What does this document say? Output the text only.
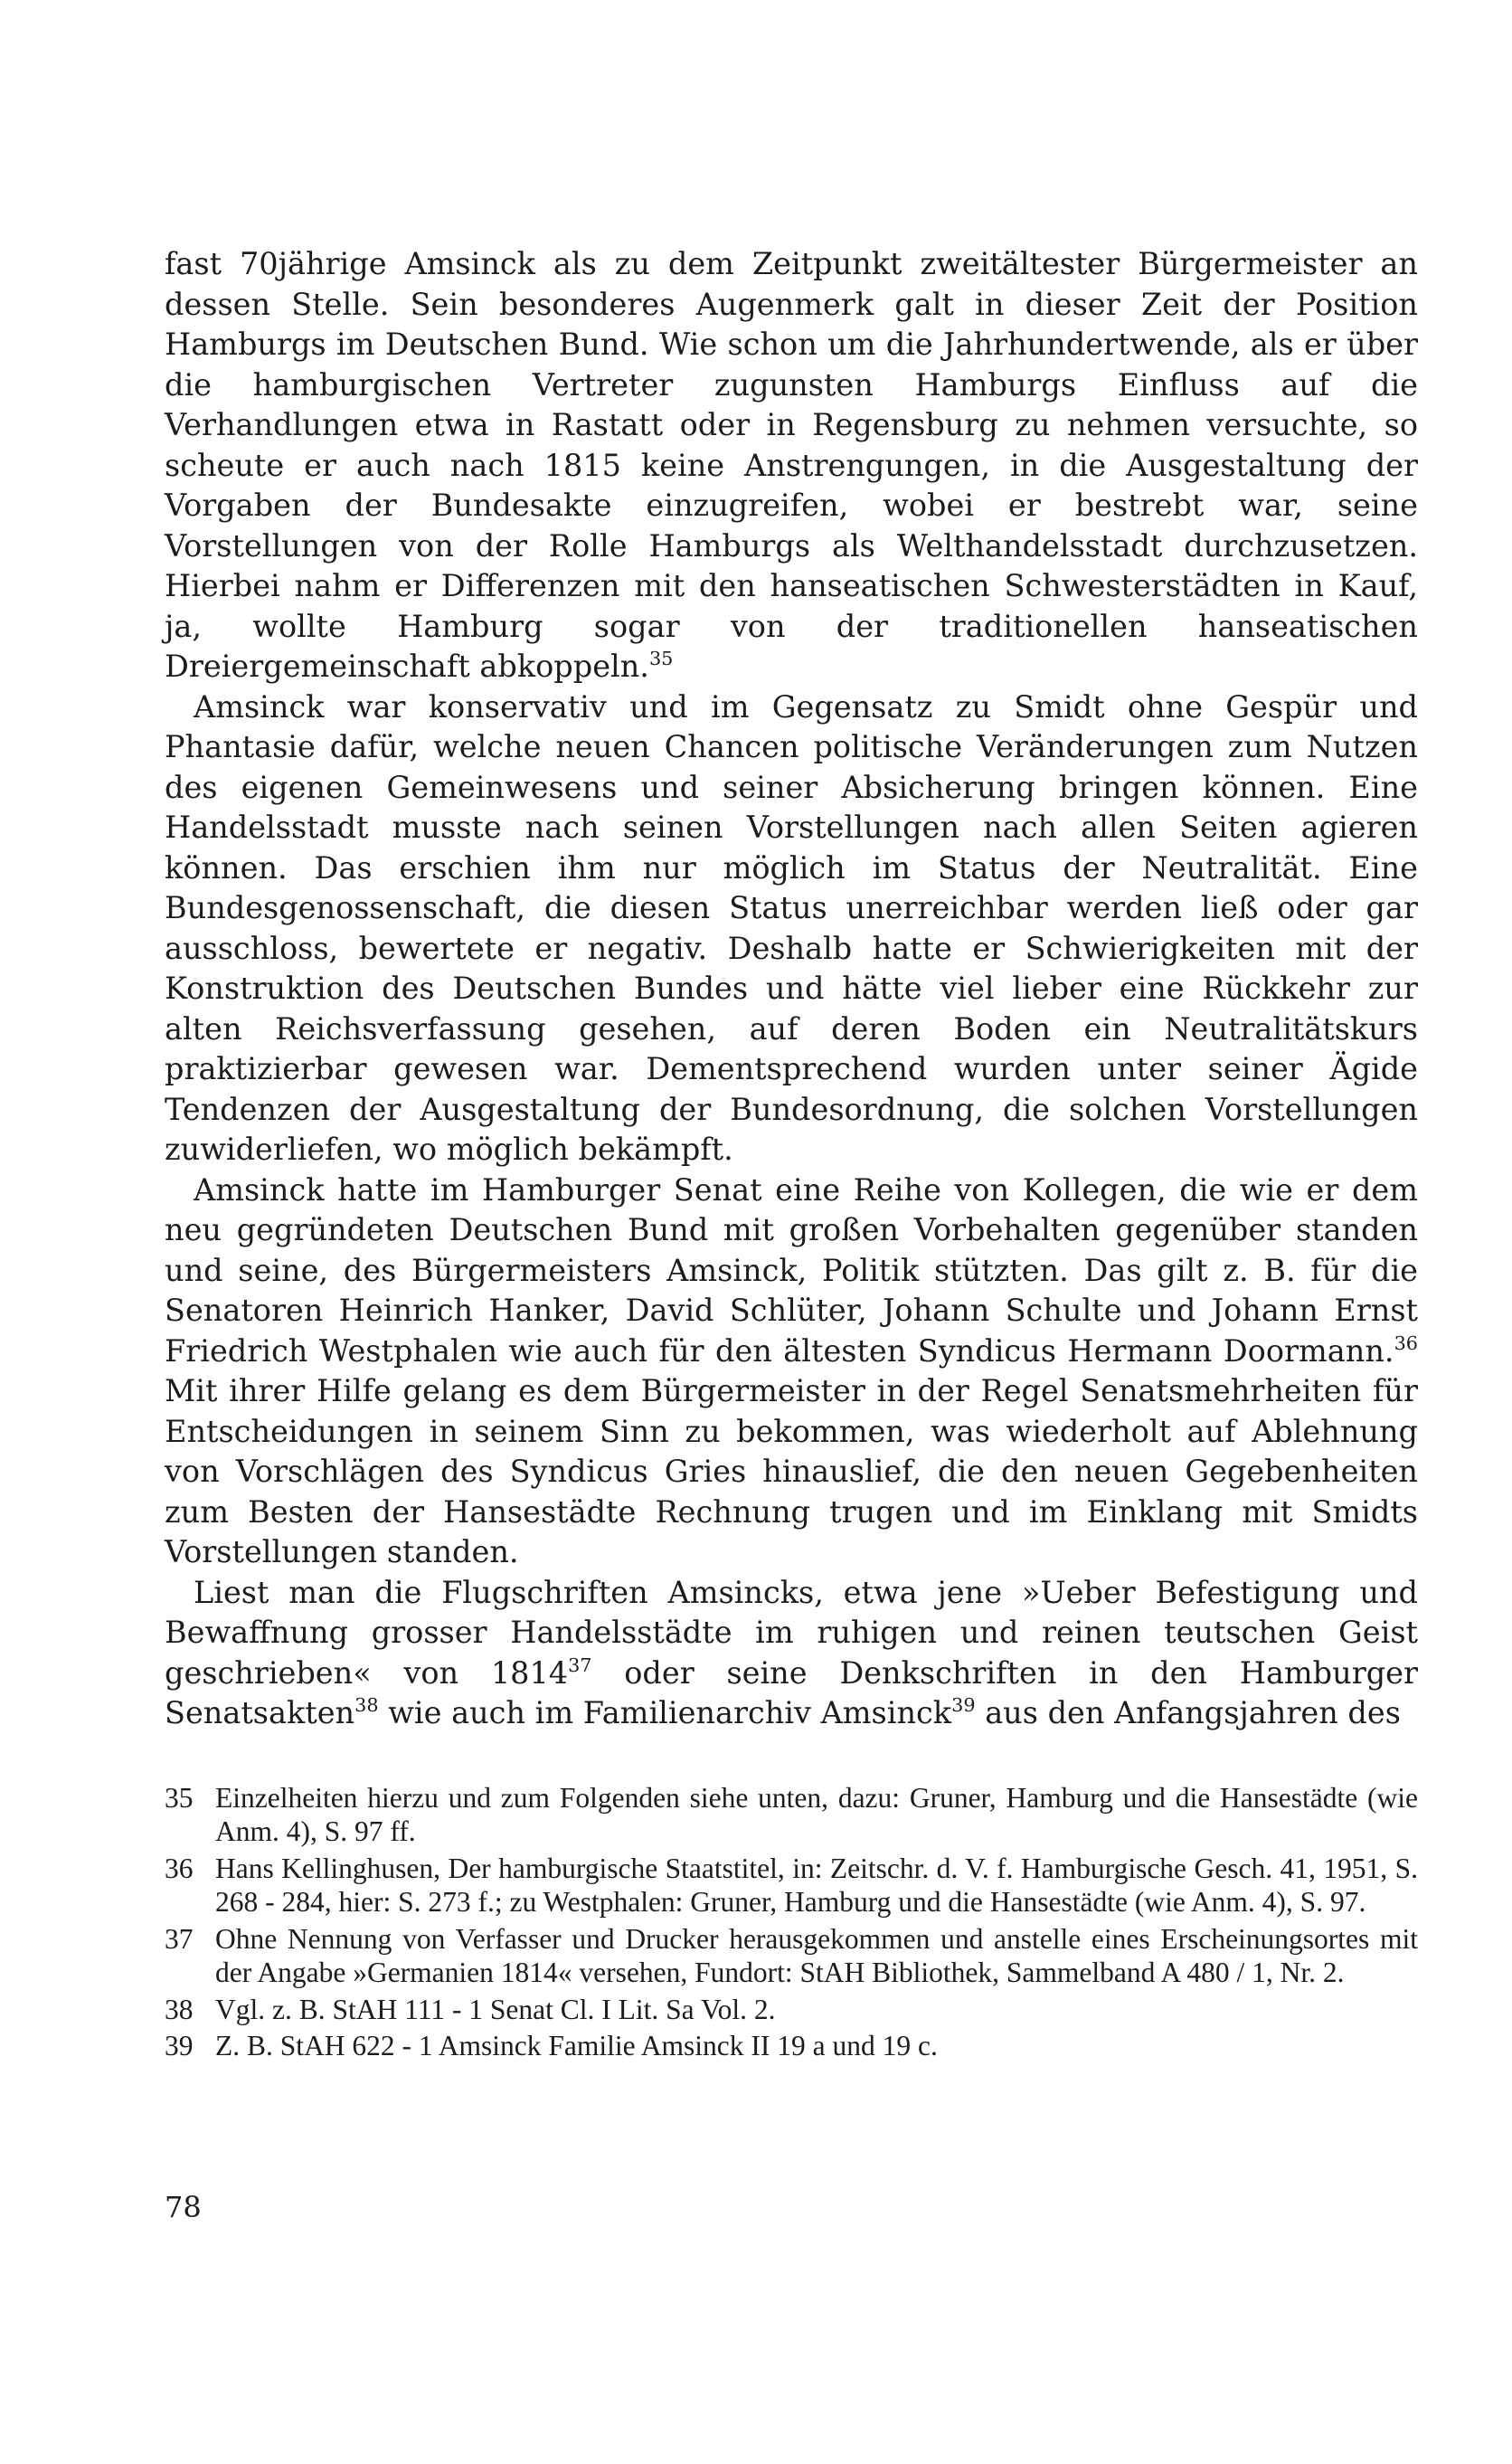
fast 70jährige Amsinck als zu dem Zeitpunkt zweitältester Bürgermeister an dessen Stelle. Sein besonderes Augenmerk galt in dieser Zeit der Position Hamburgs im Deutschen Bund. Wie schon um die Jahrhundertwende, als er über die hamburgischen Vertreter zugunsten Hamburgs Einfluss auf die Verhandlungen etwa in Rastatt oder in Regensburg zu nehmen versuchte, so scheute er auch nach 1815 keine Anstrengungen, in die Ausgestaltung der Vorgaben der Bundesakte einzugreifen, wobei er bestrebt war, seine Vorstellungen von der Rolle Hamburgs als Welthandelsstadt durchzusetzen. Hierbei nahm er Differenzen mit den hanseatischen Schwesterstädten in Kauf, ja, wollte Hamburg sogar von der traditionellen hanseatischen Dreiergemeinschaft abkoppeln.$^{35}$

Amsinck war konservativ und im Gegensatz zu Smidt ohne Gespür und Phantasie dafür, welche neuen Chancen politische Veränderungen zum Nutzen des eigenen Gemeinwesens und seiner Absicherung bringen können. Eine Handelsstadt musste nach seinen Vorstellungen nach allen Seiten agieren können. Das erschien ihm nur möglich im Status der Neutralität. Eine Bundesgenossenschaft, die diesen Status unerreichbar werden ließ oder gar ausschloss, bewertete er negativ. Deshalb hatte er Schwierigkeiten mit der Konstruktion des Deutschen Bundes und hätte viel lieber eine Rückkehr zur alten Reichsverfassung gesehen, auf deren Boden ein Neutralitätskurs praktizierbar gewesen war. Dementsprechend wurden unter seiner Ägide Tendenzen der Ausgestaltung der Bundesordnung, die solchen Vorstellungen zuwiderliefen, wo möglich bekämpft.

Amsinck hatte im Hamburger Senat eine Reihe von Kollegen, die wie er dem neu gegründeten Deutschen Bund mit großen Vorbehalten gegenüber standen und seine, des Bürgermeisters Amsinck, Politik stützten. Das gilt z. B. für die Senatoren Heinrich Hanker, David Schlüter, Johann Schulte und Johann Ernst Friedrich Westphalen wie auch für den ältesten Syndicus Hermann Doormann.$^{36}$ Mit ihrer Hilfe gelang es dem Bürgermeister in der Regel Senatsmehrheiten für Entscheidungen in seinem Sinn zu bekommen, was wiederholt auf Ablehnung von Vorschlägen des Syndicus Gries hinauslief, die den neuen Gegebenheiten zum Besten der Hansestädte Rechnung trugen und im Einklang mit Smidts Vorstellungen standen.

Liest man die Flugschriften Amsincks, etwa jene »Ueber Befestigung und Bewaffnung grosser Handelsstädte im ruhigen und reinen teutschen Geist geschrieben« von 1814$^{37}$ oder seine Denkschriften in den Hamburger Senatsakten$^{38}$ wie auch im Familienarchiv Amsinck$^{39}$ aus den Anfangsjahren des

35 Einzelheiten hierzu und zum Folgenden siehe unten, dazu: Gruner, Hamburg und die Hansestädte (wie Anm. 4), S. 97 ff.
36 Hans Kellinghusen, Der hamburgische Staatstitel, in: Zeitschr. d. V. f. Hamburgische Gesch. 41, 1951, S. 268 - 284, hier: S. 273 f.; zu Westphalen: Gruner, Hamburg und die Hansestädte (wie Anm. 4), S. 97.
37 Ohne Nennung von Verfasser und Drucker herausgekommen und anstelle eines Erscheinungsortes mit der Angabe »Germanien 1814« versehen, Fundort: StAH Bibliothek, Sammelband A 480 / 1, Nr. 2.
38 Vgl. z. B. StAH 111 - 1 Senat Cl. I Lit. Sa Vol. 2.
39 Z. B. StAH 622 - 1 Amsinck Familie Amsinck II 19 a und 19 c.
78
